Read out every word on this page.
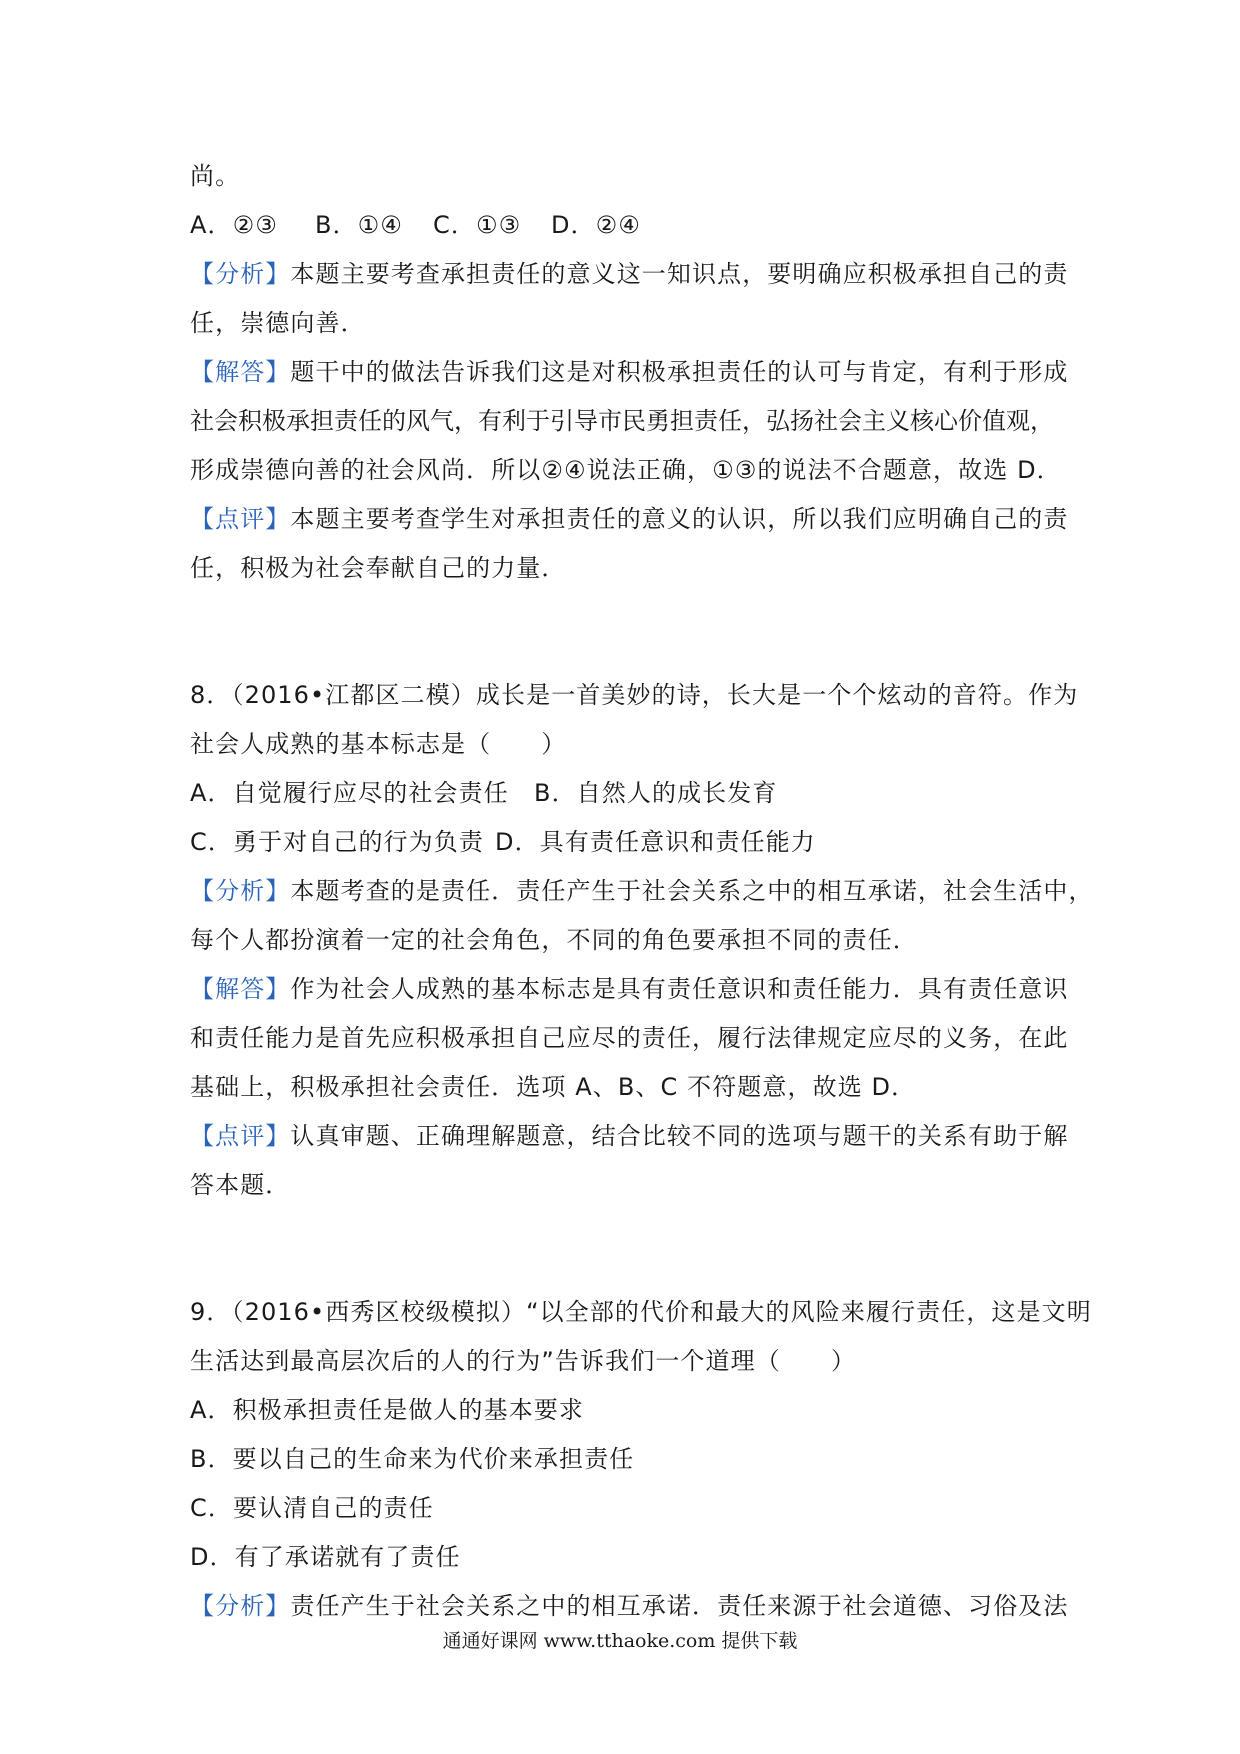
尚。
A．②③ B．①④ C．①③ D．②④
【分析】本题主要考查承担责任的意义这一知识点，要明确应积极承担自己的责
任，崇德向善．
【解答】题干中的做法告诉我们这是对积极承担责任的认可与肯定，有利于形成
社会积极承担责任的风气，有利于引导市民勇担责任，弘扬社会主义核心价值观，
形成崇德向善的社会风尚．所以②④说法正确，①③的说法不合题意，故选 D．
【点评】本题主要考查学生对承担责任的意义的认识，所以我们应明确自己的责
任，积极为社会奉献自己的力量．
8．（2016•江都区二模）成长是一首美妙的诗，长大是一个个炫动的音符。作为
社会人成熟的基本标志是（　　）
A．自觉履行应尽的社会责任 B．自然人的成长发育
C．勇于对自己的行为负责 D．具有责任意识和责任能力
【分析】本题考查的是责任．责任产生于社会关系之中的相互承诺，社会生活中，
每个人都扮演着一定的社会角色，不同的角色要承担不同的责任．
【解答】作为社会人成熟的基本标志是具有责任意识和责任能力．具有责任意识
和责任能力是首先应积极承担自己应尽的责任，履行法律规定应尽的义务，在此
基础上，积极承担社会责任．选项 A、B、C 不符题意，故选 D．
【点评】认真审题、正确理解题意，结合比较不同的选项与题干的关系有助于解
答本题．
9．（2016•西秀区校级模拟）“以全部的代价和最大的风险来履行责任，这是文明
生活达到最高层次后的人的行为”告诉我们一个道理（　　）
A．积极承担责任是做人的基本要求
B．要以自己的生命来为代价来承担责任
C．要认清自己的责任
D．有了承诺就有了责任
【分析】责任产生于社会关系之中的相互承诺．责任来源于社会道德、习俗及法
通通好课网 www.tthaoke.com 提供下载
